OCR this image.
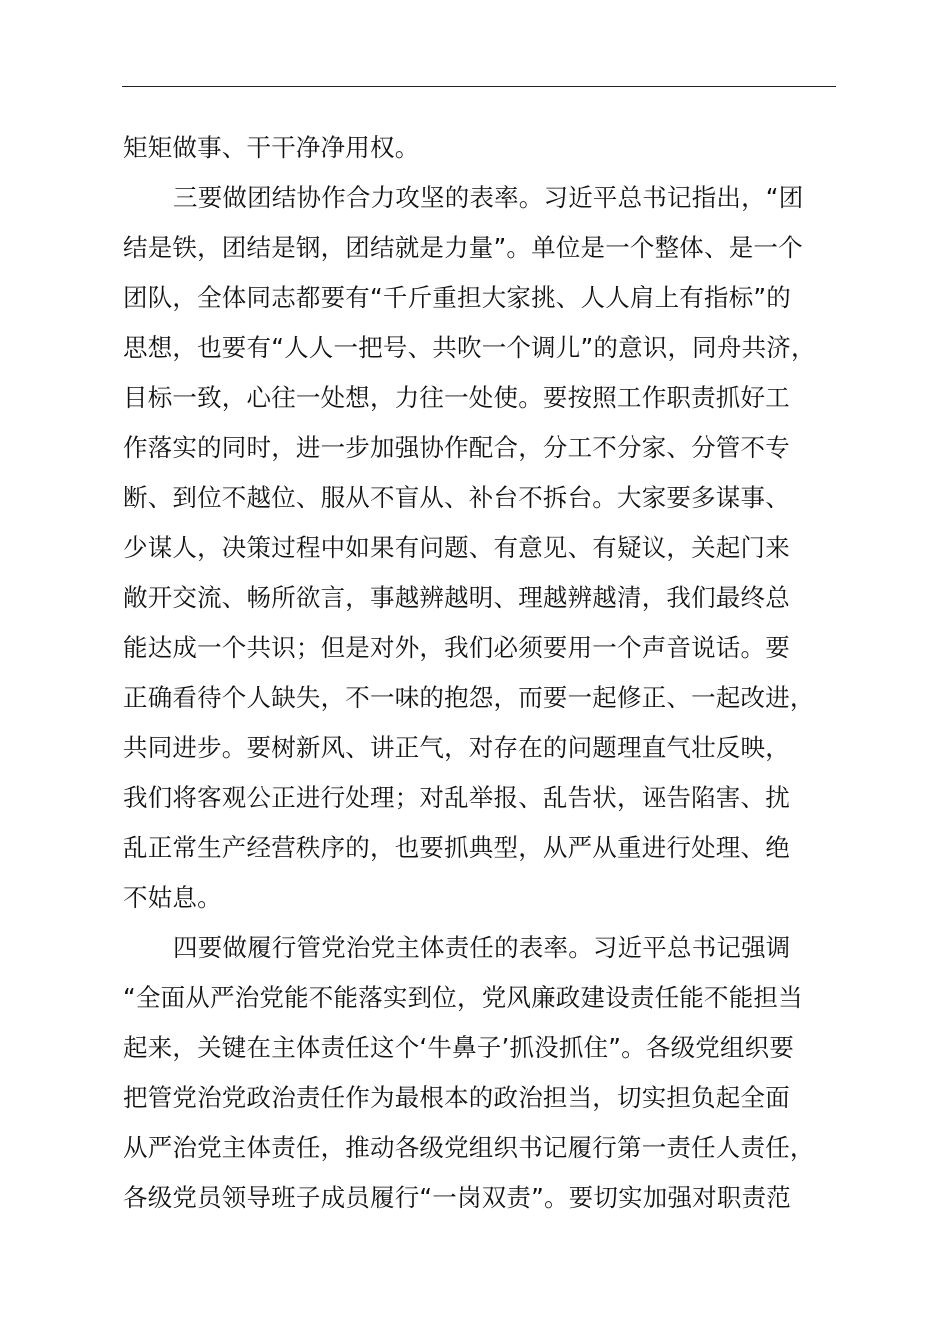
矩矩做事、干干净净用权。
三要做团结协作合力攻坚的表率。习近平总书记指出，“团
结是铁，团结是钢，团结就是力量”。单位是一个整体、是一个
团队，全体同志都要有“千斤重担大家挑、人人肩上有指标”的
思想，也要有“人人一把号、共吹一个调儿”的意识，同舟共济，
目标一致，心往一处想，力往一处使。要按照工作职责抓好工
作落实的同时，进一步加强协作配合，分工不分家、分管不专
断、到位不越位、服从不盲从、补台不拆台。大家要多谋事、
少谋人，决策过程中如果有问题、有意见、有疑议，关起门来
敞开交流、畅所欲言，事越辨越明、理越辨越清，我们最终总
能达成一个共识；但是对外，我们必须要用一个声音说话。要
正确看待个人缺失，不一味的抱怨，而要一起修正、一起改进，
共同进步。要树新风、讲正气，对存在的问题理直气壮反映，
我们将客观公正进行处理；对乱举报、乱告状，诬告陷害、扰
乱正常生产经营秩序的，也要抓典型，从严从重进行处理、绝
不姑息。
四要做履行管党治党主体责任的表率。习近平总书记强调
“全面从严治党能不能落实到位，党风廉政建设责任能不能担当
起来，关键在主体责任这个‘牛鼻子’抓没抓住”。各级党组织要
把管党治党政治责任作为最根本的政治担当，切实担负起全面
从严治党主体责任，推动各级党组织书记履行第一责任人责任，
各级党员领导班子成员履行“一岗双责”。要切实加强对职责范
